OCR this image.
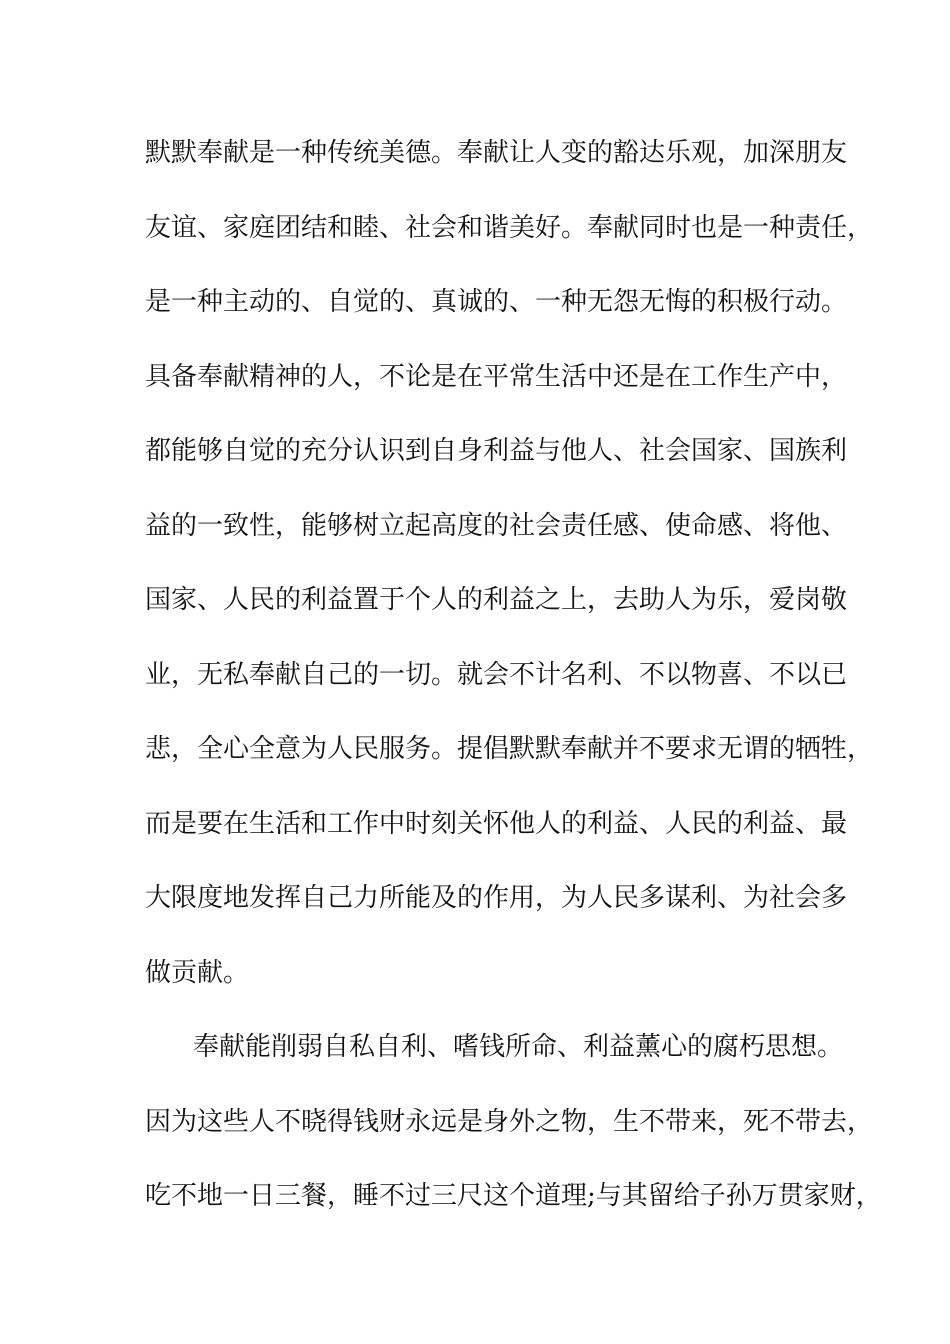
默默奉献是一种传统美德。奉献让人变的豁达乐观，加深朋友
友谊、家庭团结和睦、社会和谐美好。奉献同时也是一种责任，
是一种主动的、自觉的、真诚的、一种无怨无悔的积极行动。
具备奉献精神的人，不论是在平常生活中还是在工作生产中，
都能够自觉的充分认识到自身利益与他人、社会国家、国族利
益的一致性，能够树立起高度的社会责任感、使命感、将他、
国家、人民的利益置于个人的利益之上，去助人为乐，爱岗敬
业，无私奉献自己的一切。就会不计名利、不以物喜、不以已
悲，全心全意为人民服务。提倡默默奉献并不要求无谓的牺牲，
而是要在生活和工作中时刻关怀他人的利益、人民的利益、最
大限度地发挥自己力所能及的作用，为人民多谋利、为社会多
做贡献。
奉献能削弱自私自利、嗜钱所命、利益薰心的腐朽思想。
因为这些人不晓得钱财永远是身外之物，生不带来，死不带去，
吃不地一日三餐，睡不过三尺这个道理;与其留给子孙万贯家财，
